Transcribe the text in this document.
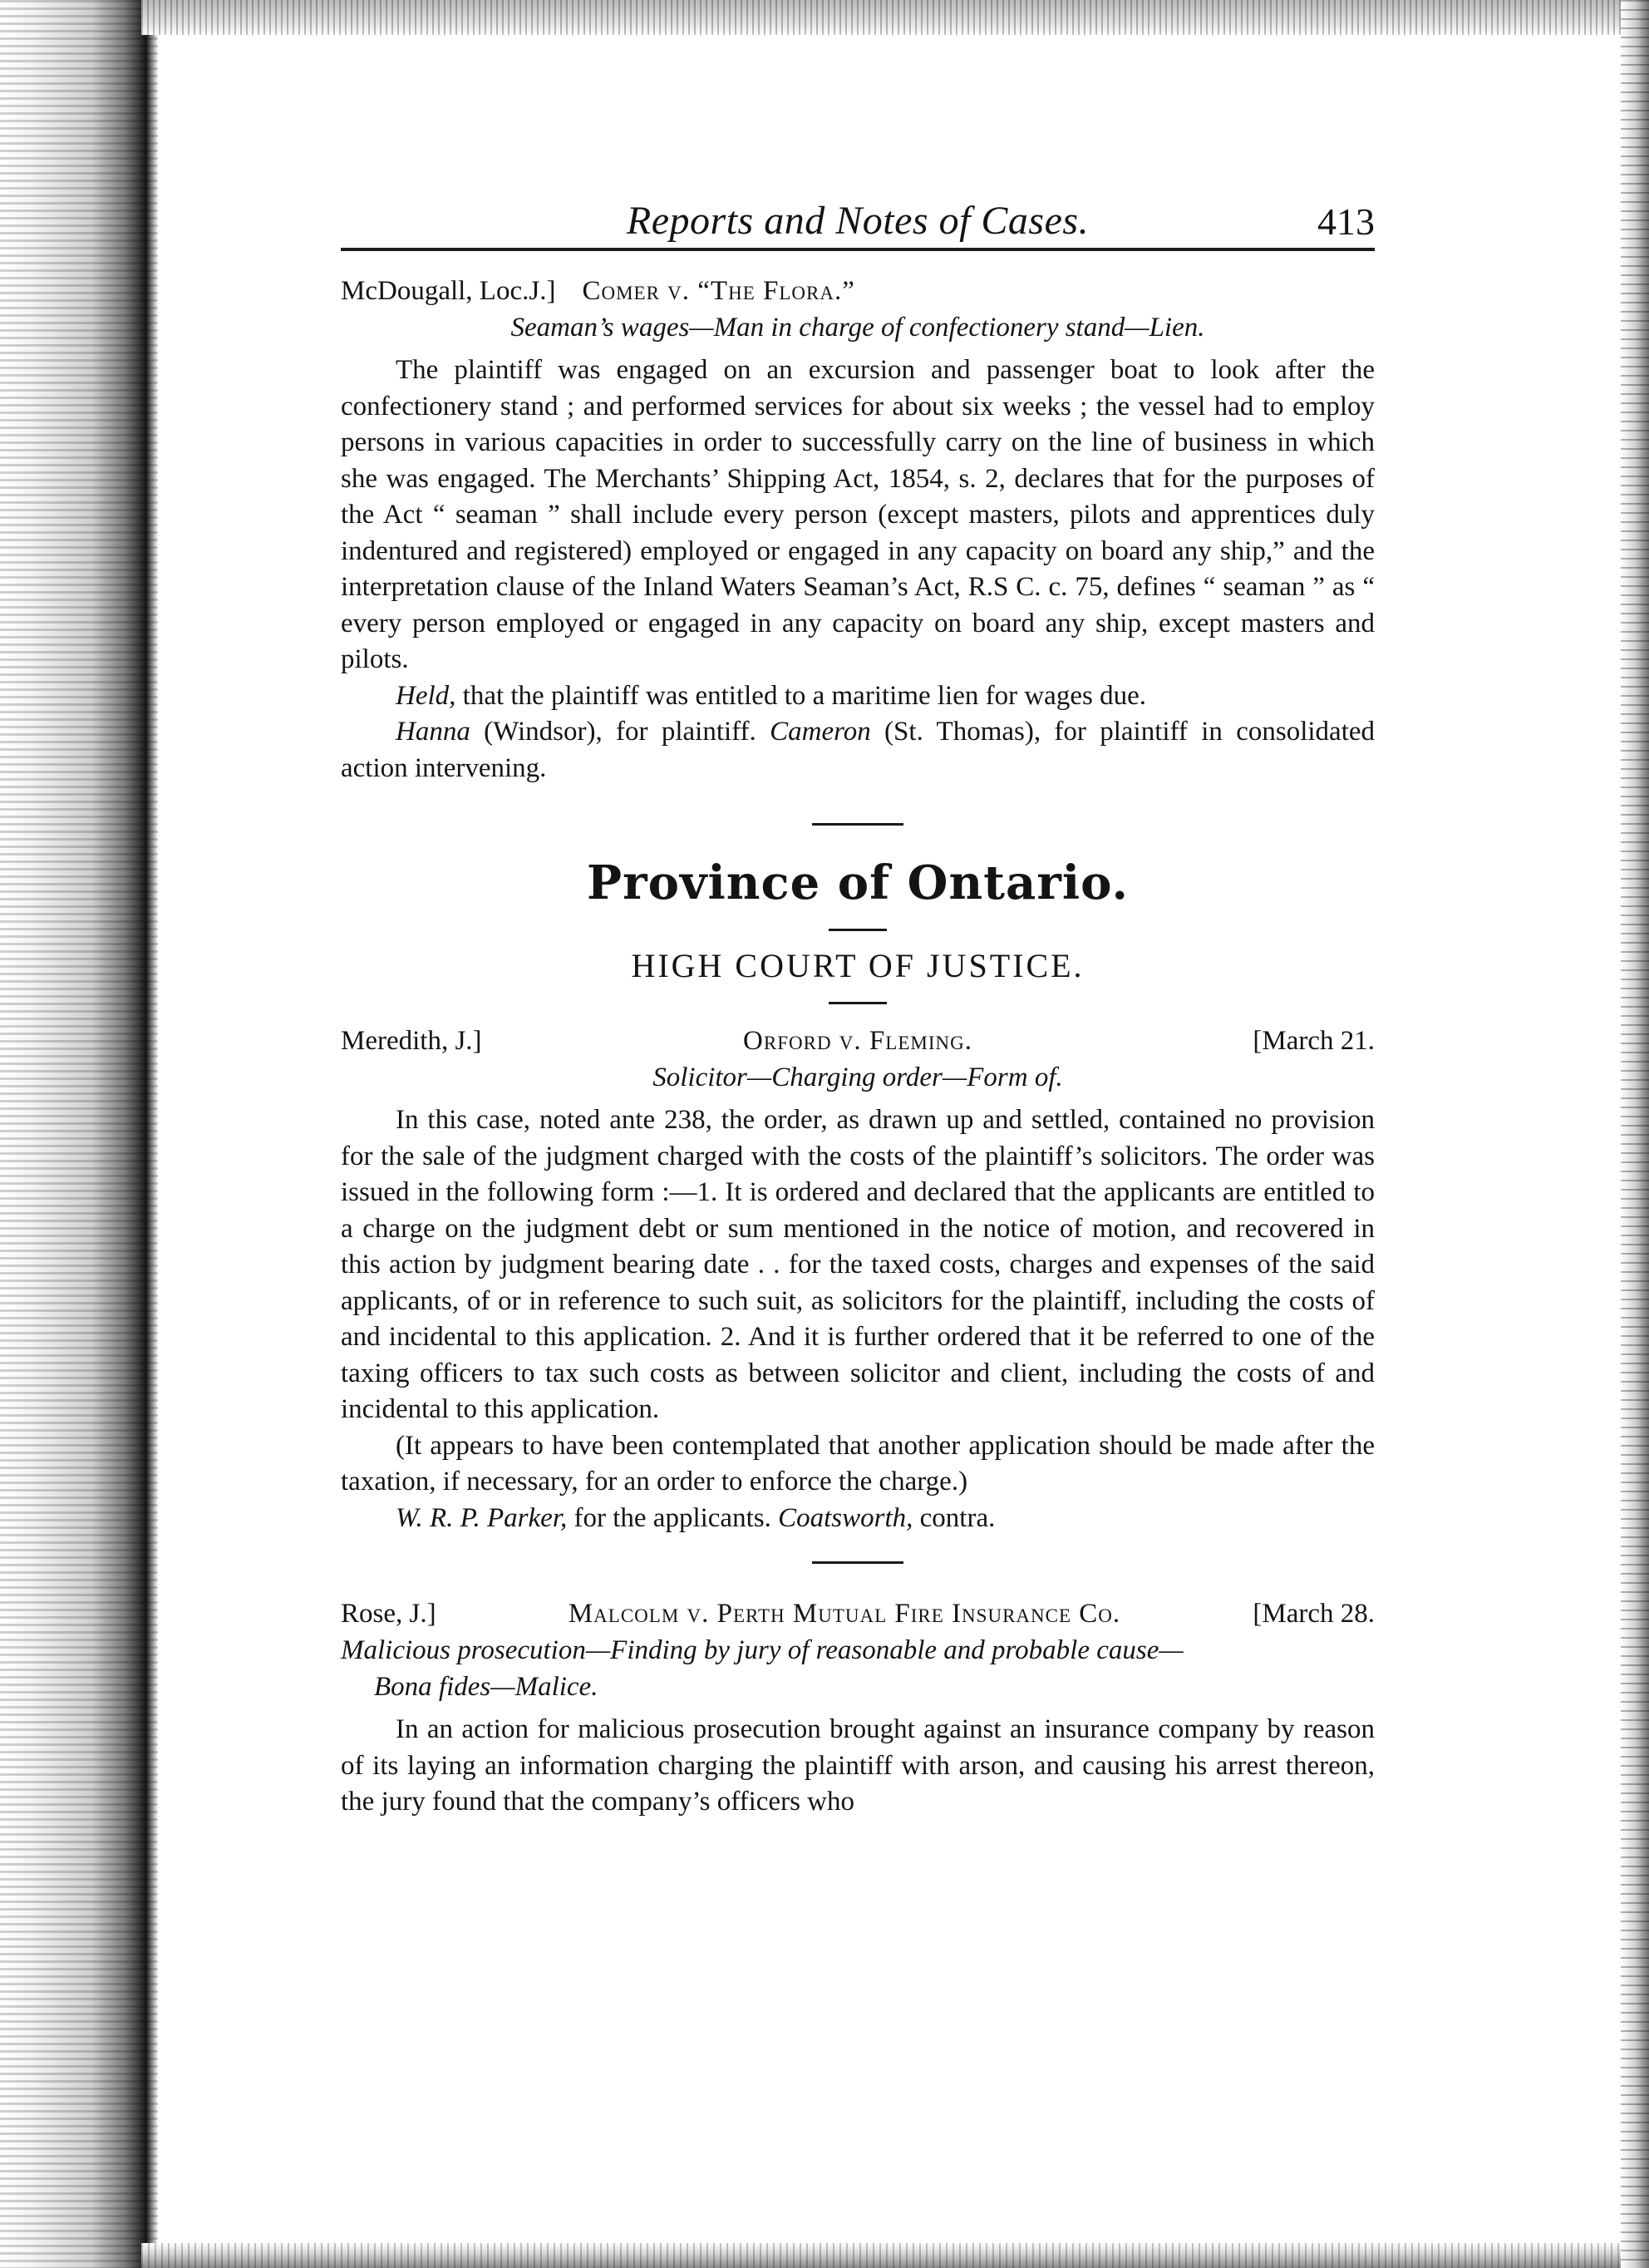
Reports and Notes of Cases.	413
McDougall, Loc.J.] Comer v. “The Flora.”
Seaman’s wages—Man in charge of confectionery stand—Lien.

The plaintiff was engaged on an excursion and passenger boat to look after the confectionery stand ; and performed services for about six weeks ; the vessel had to employ persons in various capacities in order to successfully carry on the line of business in which she was engaged. The Merchants’ Shipping Act, 1854, s. 2, declares that for the purposes of the Act “ seaman ” shall include every person (except masters, pilots and apprentices duly indentured and registered) employed or engaged in any capacity on board any ship,” and the interpretation clause of the Inland Waters Seaman’s Act, R.S C. c. 75, defines “ seaman ” as “ every person employed or engaged in any capacity on board any ship, except masters and pilots.

Held, that the plaintiff was entitled to a maritime lien for wages due.

Hanna (Windsor), for plaintiff. Cameron (St. Thomas), for plaintiff in consolidated action intervening.

Province of Ontario.
HIGH COURT OF JUSTICE.
Meredith, J.]	Orford v. Fleming.	[March 21.
Solicitor—Charging order—Form of.

In this case, noted ante 238, the order, as drawn up and settled, contained no provision for the sale of the judgment charged with the costs of the plaintiff’s solicitors. The order was issued in the following form :—1. It is ordered and declared that the applicants are entitled to a charge on the judgment debt or sum mentioned in the notice of motion, and recovered in this action by judgment bearing date . . for the taxed costs, charges and expenses of the said applicants, of or in reference to such suit, as solicitors for the plaintiff, including the costs of and incidental to this application. 2. And it is further ordered that it be referred to one of the taxing officers to tax such costs as between solicitor and client, including the costs of and incidental to this application.

(It appears to have been contemplated that another application should be made after the taxation, if necessary, for an order to enforce the charge.)

W. R. P. Parker, for the applicants. Coatsworth, contra.

Rose, J.]	Malcolm v. Perth Mutual Fire Insurance Co.	[March 28.
Malicious prosecution—Finding by jury of reasonable and probable cause—
Bona fides—Malice.

In an action for malicious prosecution brought against an insurance company by reason of its laying an information charging the plaintiff with arson, and causing his arrest thereon, the jury found that the company’s officers who
